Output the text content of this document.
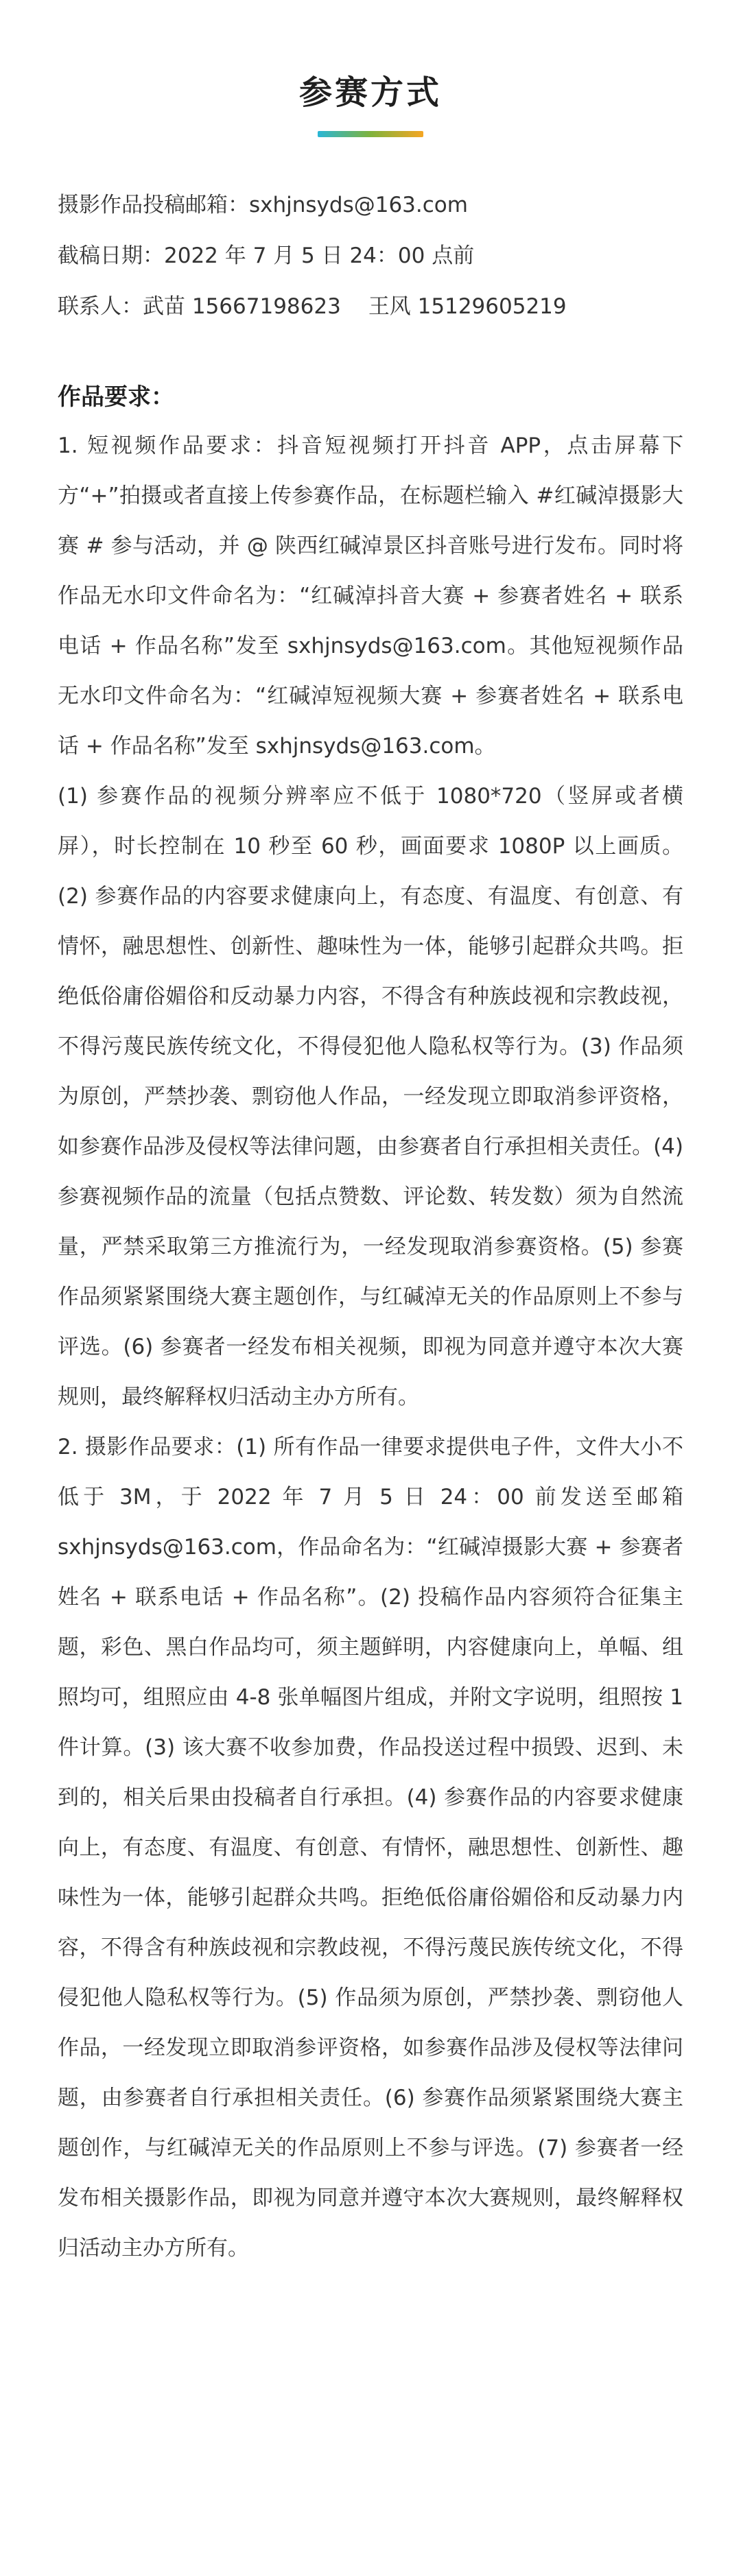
参赛方式
摄影作品投稿邮箱：sxhjnsyds@163.com
截稿日期：2022 年 7 月 5 日 24：00 点前
联系人：武苗 15667198623 王风 15129605219
作品要求：

1. 短视频作品要求：抖音短视频打开抖音 APP，点击屏幕下方“+”拍摄或者直接上传参赛作品，在标题栏输入 #红碱淖摄影大赛 # 参与活动，并 @ 陕西红碱淖景区抖音账号进行发布。同时将作品无水印文件命名为：“红碱淖抖音大赛 + 参赛者姓名 + 联系电话 + 作品名称”发至 sxhjnsyds@163.com。其他短视频作品无水印文件命名为：“红碱淖短视频大赛 + 参赛者姓名 + 联系电话 + 作品名称”发至 sxhjnsyds@163.com。

(1) 参赛作品的视频分辨率应不低于 1080*720（竖屏或者横屏），时长控制在 10 秒至 60 秒，画面要求 1080P 以上画质。(2) 参赛作品的内容要求健康向上，有态度、有温度、有创意、有情怀，融思想性、创新性、趣味性为一体，能够引起群众共鸣。拒绝低俗庸俗媚俗和反动暴力内容，不得含有种族歧视和宗教歧视，不得污蔑民族传统文化，不得侵犯他人隐私权等行为。(3) 作品须为原创，严禁抄袭、剽窃他人作品，一经发现立即取消参评资格，如参赛作品涉及侵权等法律问题，由参赛者自行承担相关责任。(4) 参赛视频作品的流量（包括点赞数、评论数、转发数）须为自然流量，严禁采取第三方推流行为，一经发现取消参赛资格。(5) 参赛作品须紧紧围绕大赛主题创作，与红碱淖无关的作品原则上不参与评选。(6) 参赛者一经发布相关视频，即视为同意并遵守本次大赛规则，最终解释权归活动主办方所有。

2. 摄影作品要求：(1) 所有作品一律要求提供电子件，文件大小不低于 3M，于 2022 年 7 月 5 日 24：00 前发送至邮箱 sxhjnsyds@163.com，作品命名为：“红碱淖摄影大赛 + 参赛者姓名 + 联系电话 + 作品名称”。(2) 投稿作品内容须符合征集主题，彩色、黑白作品均可，须主题鲜明，内容健康向上，单幅、组照均可，组照应由 4-8 张单幅图片组成，并附文字说明，组照按 1 件计算。(3) 该大赛不收参加费，作品投送过程中损毁、迟到、未到的，相关后果由投稿者自行承担。(4) 参赛作品的内容要求健康向上，有态度、有温度、有创意、有情怀，融思想性、创新性、趣味性为一体，能够引起群众共鸣。拒绝低俗庸俗媚俗和反动暴力内容，不得含有种族歧视和宗教歧视，不得污蔑民族传统文化，不得侵犯他人隐私权等行为。(5) 作品须为原创，严禁抄袭、剽窃他人作品，一经发现立即取消参评资格，如参赛作品涉及侵权等法律问题，由参赛者自行承担相关责任。(6) 参赛作品须紧紧围绕大赛主题创作，与红碱淖无关的作品原则上不参与评选。(7) 参赛者一经发布相关摄影作品，即视为同意并遵守本次大赛规则，最终解释权归活动主办方所有。
